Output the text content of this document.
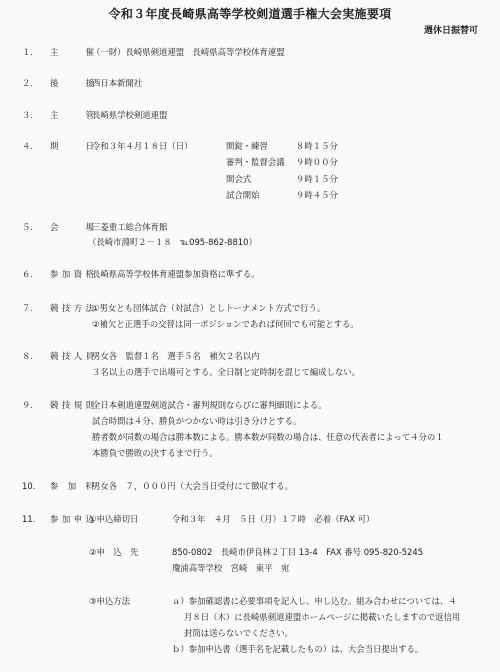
令和３年度長崎県高等学校剣道選手権大会実施要項
週休日振替可
１．	主　催
（一財）長崎県剣道連盟　長崎県高等学校体育連盟
２．	後　援
西日本新聞社
３．	主　管
長崎県学校剣道連盟
４．	期　日
令和３年４月１８日（日）	開錠・練習	８時１５分
審判・監督会議 ９時００分
開会式	９時１５分
試合開始	９時４５分
５．	会　場
三菱重工総合体育館
（長崎市淵町２－１８　℡095‐862‐8810）
６．	参加資格
長崎県高等学校体育連盟参加資格に準ずる。
７．	競技方法
①男女とも団体試合（対試合）としトーナメント方式で行う。
②補欠と正選手の交替は同一ポジションであれば何回でも可能とする。
８．	競技人員
男女各　監督１名　選手５名　補欠２名以内
３名以上の選手で出場可とする。全日制と定時制を混じて編成しない。
９．	競技規則
全日本剣道連盟剣道試合・審判規則ならびに審判細則による。
試合時間は４分、勝負がつかない時は引き分けとする。
勝者数が同数の場合は勝本数による。勝本数が同数の場合は、任意の代表者によって４分の１
本勝負で勝敗の決するまで行う。
10．	参加料
男女各　７，０００円（大会当日受付にて徴収する。
11．	参加申込
①申込締切日	令和３年　４月　５日（月）１７時　必着（FAX 可）
②申　込　先	850‐0802　長崎市伊良林２丁目 13‐4　FAX 番号 095‐820‐5245
瓊浦高等学校　宮崎　東平　宛
③申込方法	ａ）参加確認書に必要事項を記入し、申し込む。組み合わせについては、４
月８日（木）に長崎県剣道連盟ホームページに掲載いたしますので返信用
封筒は送らないでください。
ｂ）参加申込書（選手名を記載したもの）は、大会当日提出する。
